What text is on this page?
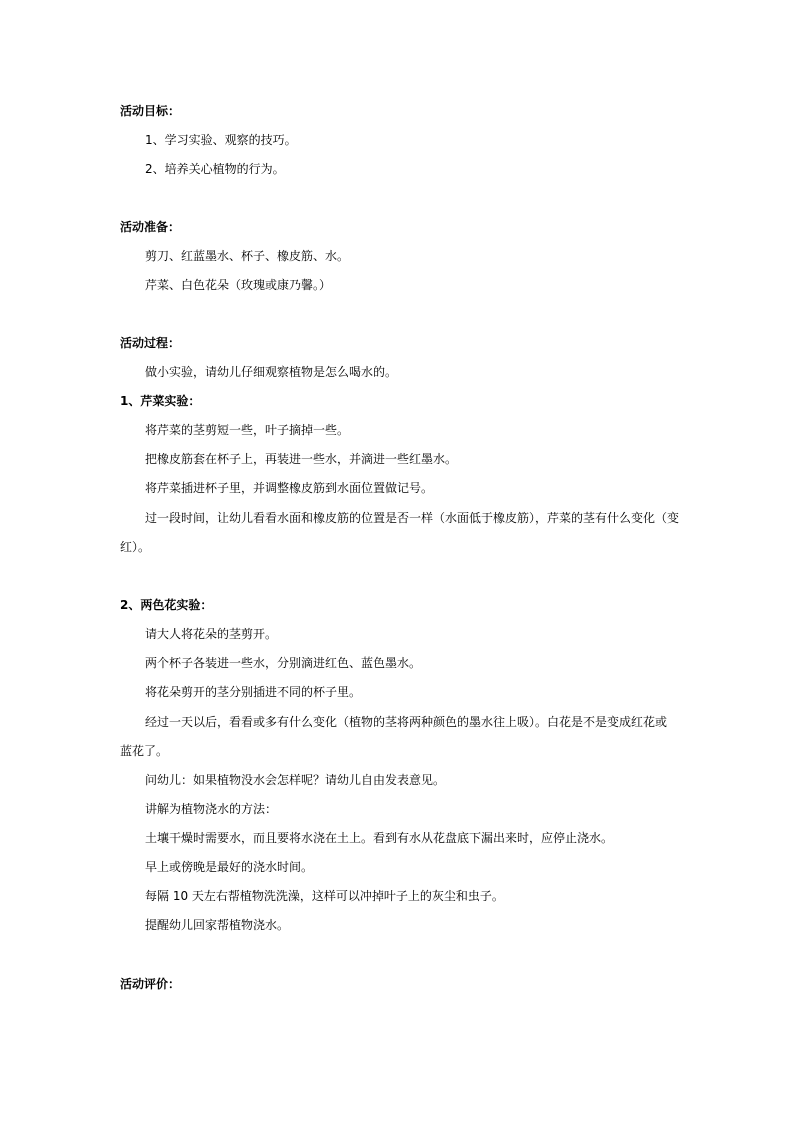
活动目标：
1、学习实验、观察的技巧。
2、培养关心植物的行为。
活动准备：
剪刀、红蓝墨水、杯子、橡皮筋、水。
芹菜、白色花朵（玫瑰或康乃馨。）
活动过程：
做小实验，请幼儿仔细观察植物是怎么喝水的。
1、芹菜实验：
将芹菜的茎剪短一些，叶子摘掉一些。
把橡皮筋套在杯子上，再装进一些水，并滴进一些红墨水。
将芹菜插进杯子里，并调整橡皮筋到水面位置做记号。
过一段时间，让幼儿看看水面和橡皮筋的位置是否一样（水面低于橡皮筋），芹菜的茎有什么变化（变
红）。
2、两色花实验：
请大人将花朵的茎剪开。
两个杯子各装进一些水，分别滴进红色、蓝色墨水。
将花朵剪开的茎分别插进不同的杯子里。
经过一天以后，看看或多有什么变化（植物的茎将两种颜色的墨水往上吸）。白花是不是变成红花或
蓝花了。
问幼儿：如果植物没水会怎样呢？请幼儿自由发表意见。
讲解为植物浇水的方法：
土壤干燥时需要水，而且要将水浇在土上。看到有水从花盘底下漏出来时，应停止浇水。
早上或傍晚是最好的浇水时间。
每隔 10 天左右帮植物洗洗澡，这样可以冲掉叶子上的灰尘和虫子。
提醒幼儿回家帮植物浇水。
活动评价：
